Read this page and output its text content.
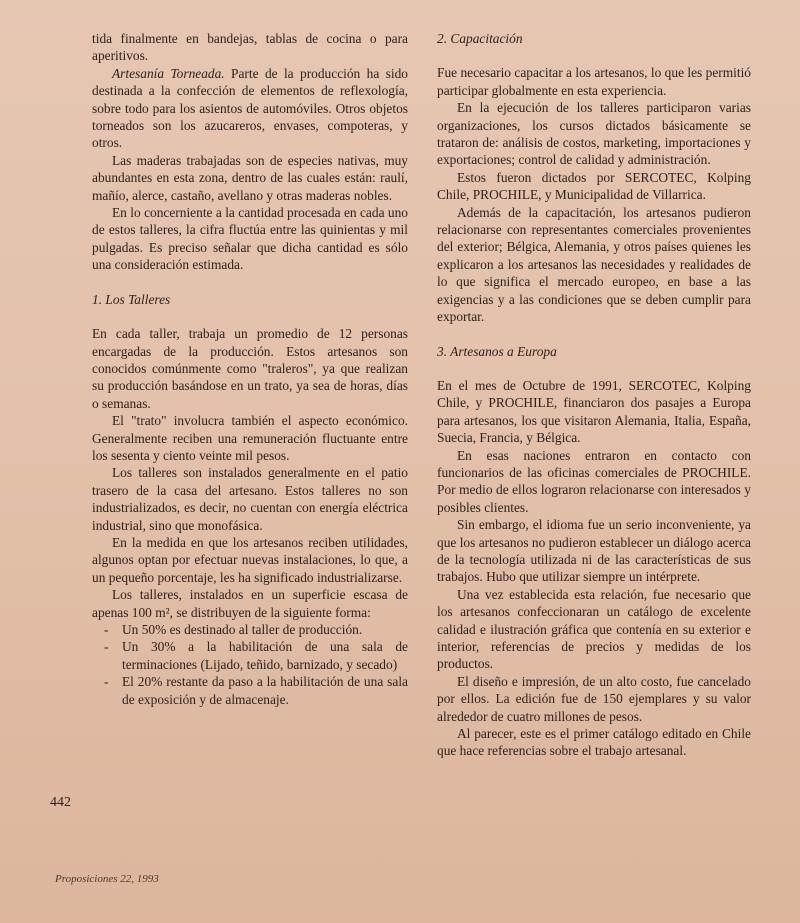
tida finalmente en bandejas, tablas de cocina o para aperitivos.

Artesanía Torneada. Parte de la producción ha sido destinada a la confección de elementos de reflexología, sobre todo para los asientos de automóviles. Otros objetos torneados son los azucareros, envases, compoteras, y otros.

Las maderas trabajadas son de especies nativas, muy abundantes en esta zona, dentro de las cuales están: raulí, mañío, alerce, castaño, avellano y otras maderas nobles.

En lo concerniente a la cantidad procesada en cada uno de estos talleres, la cifra fluctúa entre las quinientas y mil pulgadas. Es preciso señalar que dicha cantidad es sólo una consideración estimada.

1. Los Talleres

En cada taller, trabaja un promedio de 12 personas encargadas de la producción. Estos artesanos son conocidos comúnmente como "traleros", ya que realizan su producción basándose en un trato, ya sea de horas, días o semanas.

El "trato" involucra también el aspecto económico. Generalmente reciben una remuneración fluctuante entre los sesenta y ciento veinte mil pesos.

Los talleres son instalados generalmente en el patio trasero de la casa del artesano. Estos talleres no son industrializados, es decir, no cuentan con energía eléctrica industrial, sino que monofásica.

En la medida en que los artesanos reciben utilidades, algunos optan por efectuar nuevas instalaciones, lo que, a un pequeño porcentaje, les ha significado industrializarse.

Los talleres, instalados en un superficie escasa de apenas 100 m², se distribuyen de la siguiente forma:

- Un 50% es destinado al taller de producción.
- Un 30% a la habilitación de una sala de terminaciones (Lijado, teñido, barnizado, y secado)
- El 20% restante da paso a la habilitación de una sala de exposición y de almacenaje.

2. Capacitación

Fue necesario capacitar a los artesanos, lo que les permitió participar globalmente en esta experiencia.

En la ejecución de los talleres participaron varias organizaciones, los cursos dictados básicamente se trataron de: análisis de costos, marketing, importaciones y exportaciones; control de calidad y administración.

Estos fueron dictados por SERCOTEC, Kolping Chile, PROCHILE, y Municipalidad de Villarrica.

Además de la capacitación, los artesanos pudieron relacionarse con representantes comerciales provenientes del exterior; Bélgica, Alemania, y otros países quienes les explicaron a los artesanos las necesidades y realidades de lo que significa el mercado europeo, en base a las exigencias y a las condiciones que se deben cumplir para exportar.

3. Artesanos a Europa

En el mes de Octubre de 1991, SERCOTEC, Kolping Chile, y PROCHILE, financiaron dos pasajes a Europa para artesanos, los que visitaron Alemania, Italia, España, Suecia, Francia, y Bélgica.

En esas naciones entraron en contacto con funcionarios de las oficinas comerciales de PROCHILE. Por medio de ellos lograron relacionarse con interesados y posibles clientes.

Sin embargo, el idioma fue un serio inconveniente, ya que los artesanos no pudieron establecer un diálogo acerca de la tecnología utilizada ni de las características de sus trabajos. Hubo que utilizar siempre un intérprete.

Una vez establecida esta relación, fue necesario que los artesanos confeccionaran un catálogo de excelente calidad e ilustración gráfica que contenía en su exterior e interior, referencias de precios y medidas de los productos.

El diseño e impresión, de un alto costo, fue cancelado por ellos. La edición fue de 150 ejemplares y su valor alrededor de cuatro millones de pesos.

Al parecer, este es el primer catálogo editado en Chile que hace referencias sobre el trabajo artesanal.

442
Proposiciones 22, 1993
